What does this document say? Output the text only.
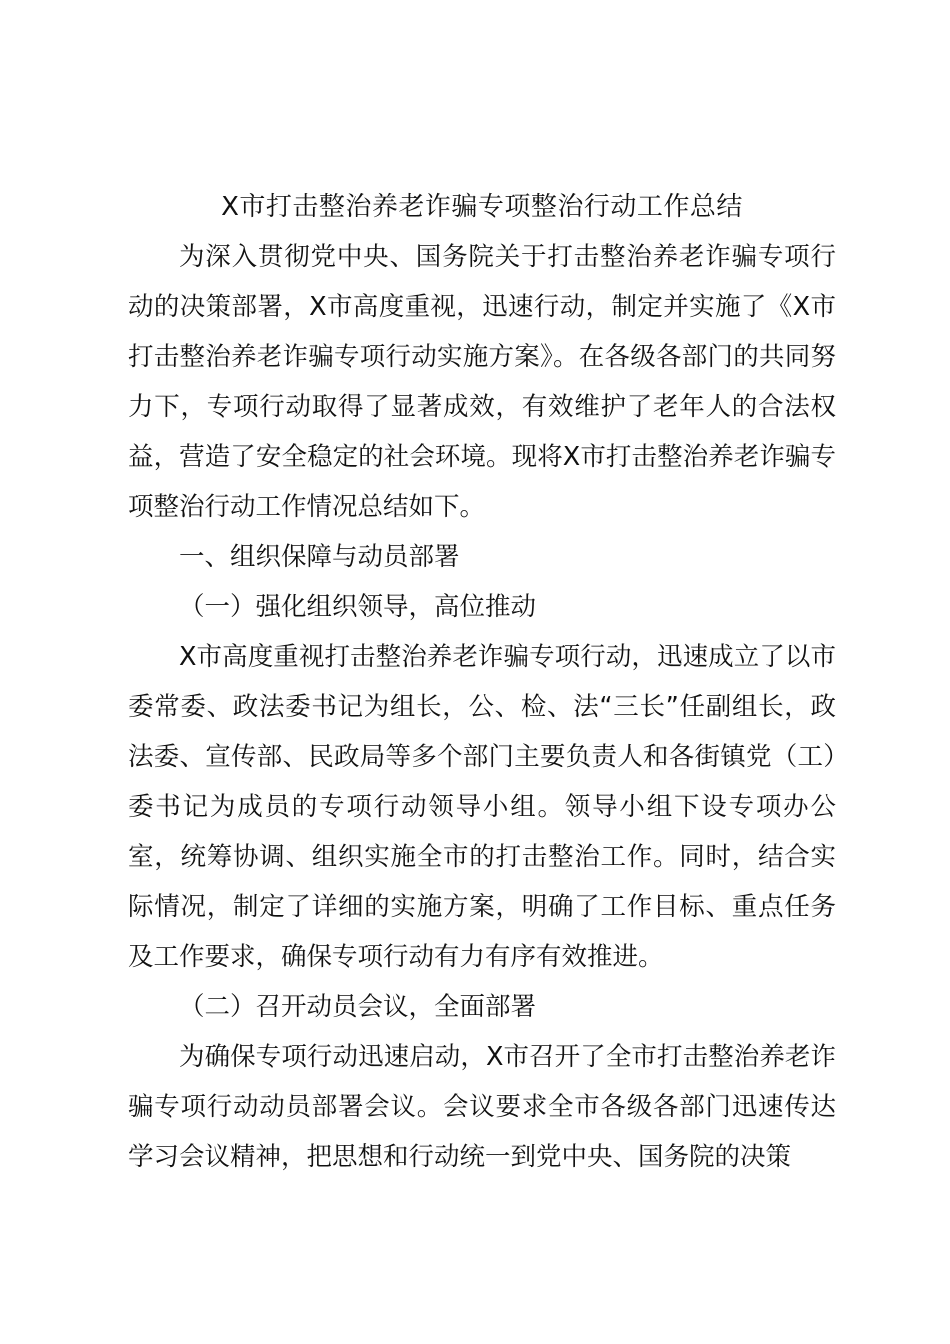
X市打击整治养老诈骗专项整治行动工作总结

为深入贯彻党中央、国务院关于打击整治养老诈骗专项行动的决策部署，X市高度重视，迅速行动，制定并实施了《X市打击整治养老诈骗专项行动实施方案》。在各级各部门的共同努力下，专项行动取得了显著成效，有效维护了老年人的合法权益，营造了安全稳定的社会环境。现将X市打击整治养老诈骗专项整治行动工作情况总结如下。

一、组织保障与动员部署

（一）强化组织领导，高位推动

X市高度重视打击整治养老诈骗专项行动，迅速成立了以市委常委、政法委书记为组长，公、检、法“三长”任副组长，政法委、宣传部、民政局等多个部门主要负责人和各街镇党（工）委书记为成员的专项行动领导小组。领导小组下设专项办公室，统筹协调、组织实施全市的打击整治工作。同时，结合实际情况，制定了详细的实施方案，明确了工作目标、重点任务及工作要求，确保专项行动有力有序有效推进。

（二）召开动员会议，全面部署

为确保专项行动迅速启动，X市召开了全市打击整治养老诈骗专项行动动员部署会议。会议要求全市各级各部门迅速传达学习会议精神，把思想和行动统一到党中央、国务院的决策
